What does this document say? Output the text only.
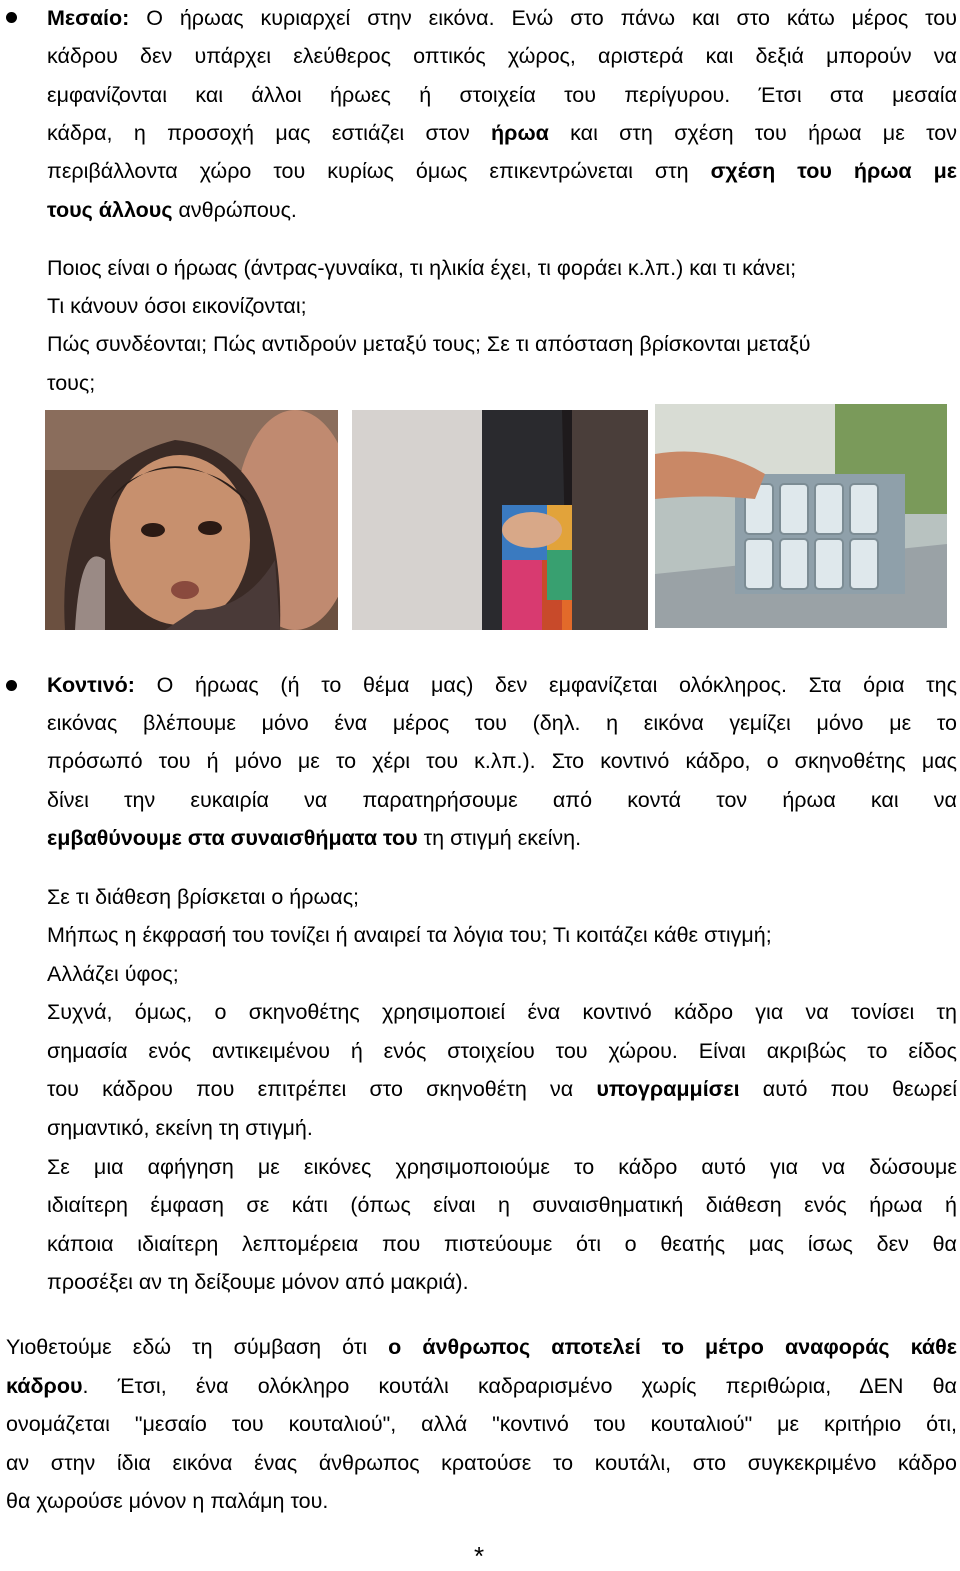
Μεσαίο: Ο ήρωας κυριαρχεί στην εικόνα. Ενώ στο πάνω και στο κάτω μέρος του
κάδρου δεν υπάρχει ελεύθερος οπτικός χώρος, αριστερά και δεξιά μπορούν να
εμφανίζονται και άλλοι ήρωες ή στοιχεία του περίγυρου. Έτσι στα μεσαία
κάδρα, η προσοχή μας εστιάζει στον ήρωα και στη σχέση του ήρωα με τον
περιβάλλοντα χώρο του κυρίως όμως επικεντρώνεται στη σχέση του ήρωα με
τους άλλους ανθρώπους.
Ποιος είναι ο ήρωας (άντρας-γυναίκα, τι ηλικία έχει, τι φοράει κ.λπ.) και τι κάνει;
Τι κάνουν όσοι εικονίζονται;
Πώς συνδέονται; Πώς αντιδρούν μεταξύ τους; Σε τι απόσταση βρίσκονται μεταξύ
τους;
Κοντινό: Ο ήρωας (ή το θέμα μας) δεν εμφανίζεται ολόκληρος. Στα όρια της
εικόνας βλέπουμε μόνο ένα μέρος του (δηλ. η εικόνα γεμίζει μόνο με το
πρόσωπό του ή μόνο με το χέρι του κ.λπ.). Στο κοντινό κάδρο, ο σκηνοθέτης μας
δίνει την ευκαιρία να παρατηρήσουμε από κοντά τον ήρωα και να
εμβαθύνουμε στα συναισθήματα του τη στιγμή εκείνη.
Σε τι διάθεση βρίσκεται ο ήρωας;
Μήπως η έκφρασή του τονίζει ή αναιρεί τα λόγια του; Τι κοιτάζει κάθε στιγμή;
Αλλάζει ύφος;
Συχνά, όμως, ο σκηνοθέτης χρησιμοποιεί ένα κοντινό κάδρο για να τονίσει τη
σημασία ενός αντικειμένου ή ενός στοιχείου του χώρου. Είναι ακριβώς το είδος
του κάδρου που επιτρέπει στο σκηνοθέτη να υπογραμμίσει αυτό που θεωρεί
σημαντικό, εκείνη τη στιγμή.
Σε μια αφήγηση με εικόνες χρησιμοποιούμε το κάδρο αυτό για να δώσουμε
ιδιαίτερη έμφαση σε κάτι (όπως είναι η συναισθηματική διάθεση ενός ήρωα ή
κάποια ιδιαίτερη λεπτομέρεια που πιστεύουμε ότι ο θεατής μας ίσως δεν θα
προσέξει αν τη δείξουμε μόνον από μακριά).
Υιοθετούμε εδώ τη σύμβαση ότι ο άνθρωπος αποτελεί το μέτρο αναφοράς κάθε
κάδρου. Έτσι, ένα ολόκληρο κουτάλι καδραρισμένο χωρίς περιθώρια, ΔΕΝ θα
ονομάζεται "μεσαίο του κουταλιού", αλλά "κοντινό του κουταλιού" με κριτήριο ότι,
αν στην ίδια εικόνα ένας άνθρωπος κρατούσε το κουτάλι, στο συγκεκριμένο κάδρο
θα χωρούσε μόνον η παλάμη του.
*
